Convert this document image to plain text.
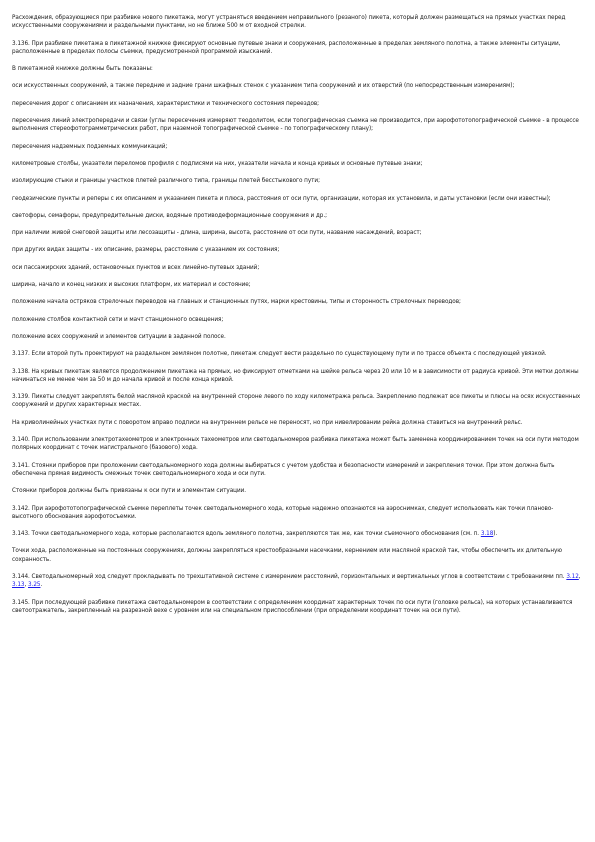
Расхождения, образующиеся при разбивке нового пикетажа, могут устраняться введением неправильного (резаного) пикета, который должен размещаться на прямых участках перед искусственными сооружениями и раздельными пунктами, но не ближе 500 м от входной стрелки.

3.136. При разбивке пикетажа в пикетажной книжке фиксируют основные путевые знаки и сооружения, расположенные в пределах земляного полотна, а также элементы ситуации, расположенные в пределах полосы съемки, предусмотренной программой изысканий.

В пикетажной книжке должны быть показаны:

оси искусственных сооружений, а также передние и задние грани шкафных стенок с указанием типа сооружений и их отверстий (по непосредственным измерениям);

пересечения дорог с описанием их назначения, характеристики и технического состояния переездов;

пересечения линий электропередачи и связи (углы пересечения измеряют теодолитом, если топографическая съемка не производится, при аэрофототопографической съемке - в процессе выполнения стереофотограмметрических работ, при наземной топографической съемке - по топографическому плану);

пересечения надземных подземных коммуникаций;

километровые столбы, указатели переломов профиля с подписями на них, указатели начала и конца кривых и основные путевые знаки;

изолирующие стыки и границы участков плетей различного типа, границы плетей бесстыкового пути;

геодезические пункты и реперы с их описанием и указанием пикета и плюса, расстояния от оси пути, организации, которая их установила, и даты установки (если они известны);

светофоры, семафоры, предупредительные диски, водяные противодеформационные сооружения и др.;

при наличии живой снеговой защиты или лесозащиты - длина, ширина, высота, расстояние от оси пути, название насаждений, возраст;

при других видах защиты - их описание, размеры, расстояние с указанием их состояния;

оси пассажирских зданий, остановочных пунктов и всех линейно-путевых зданий;

ширина, начало и конец низких и высоких платформ, их материал и состояние;

положение начала остряков стрелочных переводов на главных и станционных путях, марки крестовины, типы и сторонность стрелочных переводов;

положение столбов контактной сети и мачт станционного освещения;

положение всех сооружений и элементов ситуации в заданной полосе.

3.137. Если второй путь проектируют на раздельном земляном полотне, пикетаж следует вести раздельно по существующему пути и по трассе объекта с последующей увязкой.

3.138. На кривых пикетаж является продолжением пикетажа на прямых, но фиксируют отметками на шейке рельса через 20 или 10 м в зависимости от радиуса кривой. Эти метки должны начинаться не менее чем за 50 м до начала кривой и после конца кривой.

3.139. Пикеты следует закреплять белой масляной краской на внутренней стороне левого по ходу километража рельса. Закреплению подлежат все пикеты и плюсы на осях искусственных сооружений и других характерных местах.

На криволинейных участках пути с поворотом вправо подписи на внутреннем рельсе не переносят, но при нивелировании рейка должна ставиться на внутренний рельс.

3.140. При использовании электротахеометров и электронных тахеометров или светодальномеров разбивка пикетажа может быть заменена координированием точек на оси пути методом полярных координат с точек магистрального (базового) хода.

3.141. Стоянки приборов при проложении светодальномерного хода должны выбираться с учетом удобства и безопасности измерений и закрепления точки. При этом должна быть обеспечена прямая видимость смежных точек светодальномерного хода и оси пути.

Стоянки приборов должны быть привязаны к оси пути и элементам ситуации.

3.142. При аэрофототопографической съемке переплеты точек светодальномерного хода, которые надежно опознаются на аэроснимках, следует использовать как точки планово-высотного обоснования аэрофотосъемки.

3.143. Точки светодальномерного хода, которые располагаются вдоль земляного полотна, закрепляются так же, как точки съемочного обоснования (см. п. 3.18).

Точки хода, расположенные на постоянных сооружениях, должны закрепляться крестообразными насечками, кернением или масляной краской так, чтобы обеспечить их длительную сохранность.

3.144. Светодальномерный ход следует прокладывать по трехштативной системе с измерением расстояний, горизонтальных и вертикальных углов в соответствии с требованиями пп. 3.12, 3.13, 3.25.

3.145. При последующей разбивке пикетажа светодальномером в соответствии с определением координат характерных точек по оси пути (головке рельса), на которых устанавливается светоотражатель, закрепленный на разрезной вехе с уровнем или на специальном приспособлении (при определении координат точек на оси пути).
